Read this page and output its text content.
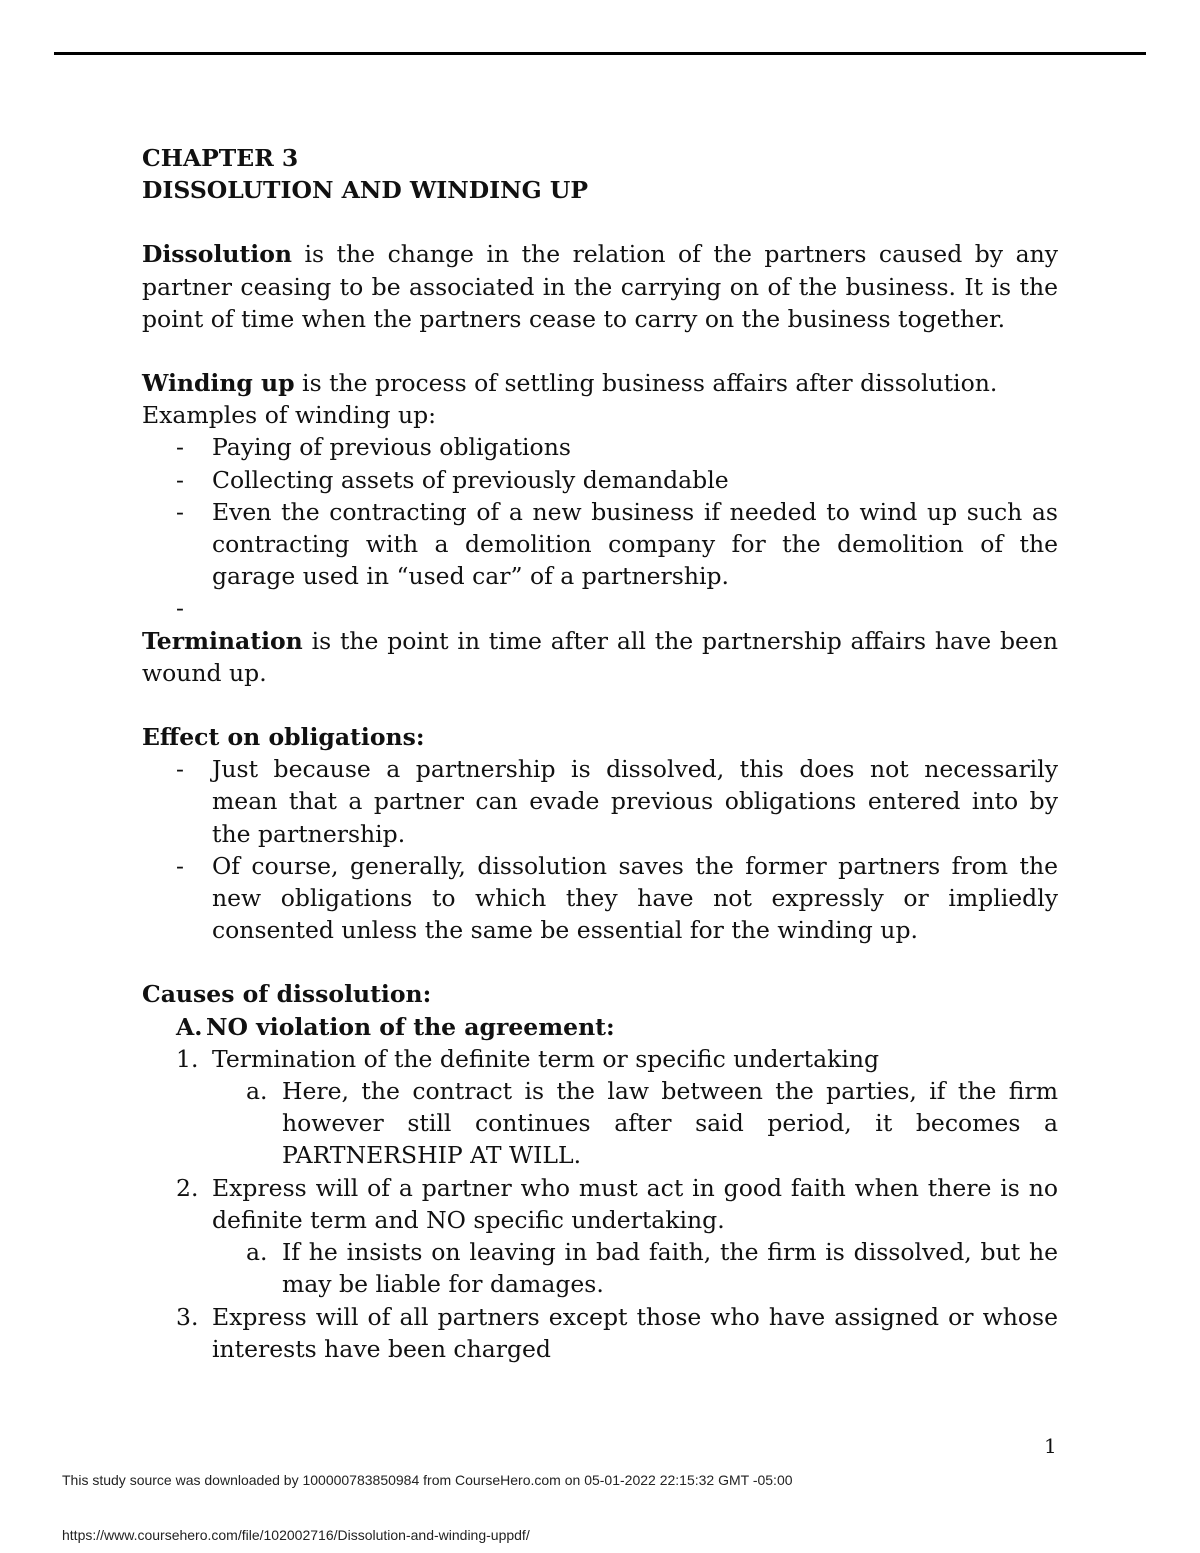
CHAPTER 3

DISSOLUTION AND WINDING UP

Dissolution is the change in the relation of the partners caused by any partner ceasing to be associated in the carrying on of the business. It is the point of time when the partners cease to carry on the business together.

Winding up is the process of settling business affairs after dissolution.

Examples of winding up:

-	Paying of previous obligations
-	Collecting assets of previously demandable
-	Even the contracting of a new business if needed to wind up such as contracting with a demolition company for the demolition of the garage used in “used car” of a partnership.
-

Termination is the point in time after all the partnership affairs have been wound up.

Effect on obligations:

-	Just because a partnership is dissolved, this does not necessarily mean that a partner can evade previous obligations entered into by the partnership.
-	Of course, generally, dissolution saves the former partners from the new obligations to which they have not expressly or impliedly consented unless the same be essential for the winding up.

Causes of dissolution:

A. NO violation of the agreement:
1. Termination of the definite term or specific undertaking
a. Here, the contract is the law between the parties, if the firm however still continues after said period, it becomes a PARTNERSHIP AT WILL.
2. Express will of a partner who must act in good faith when there is no definite term and NO specific undertaking.
a. If he insists on leaving in bad faith, the firm is dissolved, but he may be liable for damages.
3. Express will of all partners except those who have assigned or whose interests have been charged
1
This study source was downloaded by 100000783850984 from CourseHero.com on 05-01-2022 22:15:32 GMT -05:00
https://www.coursehero.com/file/102002716/Dissolution-and-winding-uppdf/
